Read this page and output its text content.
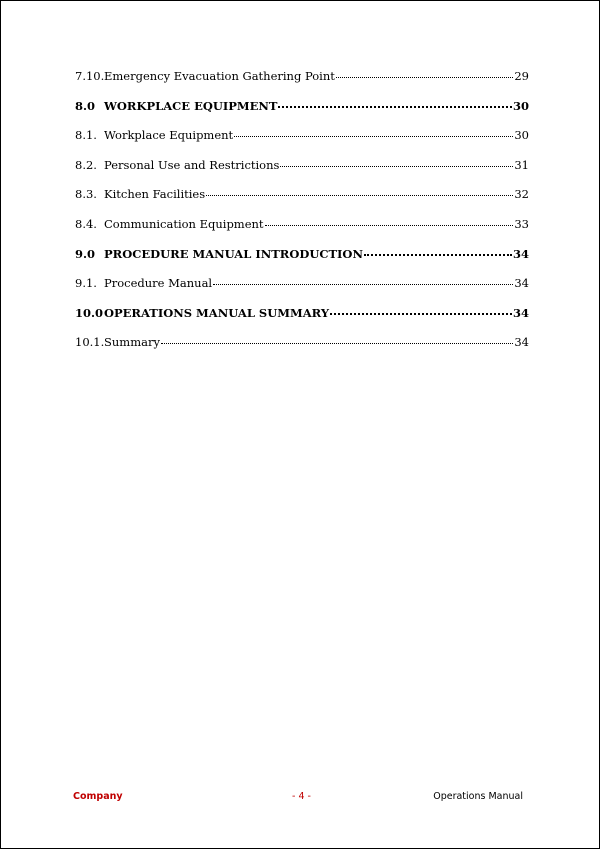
7.10. Emergency Evacuation Gathering Point	29
8.0 WORKPLACE EQUIPMENT	30
8.1. Workplace Equipment	30
8.2. Personal Use and Restrictions	31
8.3. Kitchen Facilities	32
8.4. Communication Equipment	33
9.0 PROCEDURE MANUAL INTRODUCTION	34
9.1. Procedure Manual	34
10.0 OPERATIONS MANUAL SUMMARY	34
10.1. Summary	34
Company	- 4 -	Operations Manual
